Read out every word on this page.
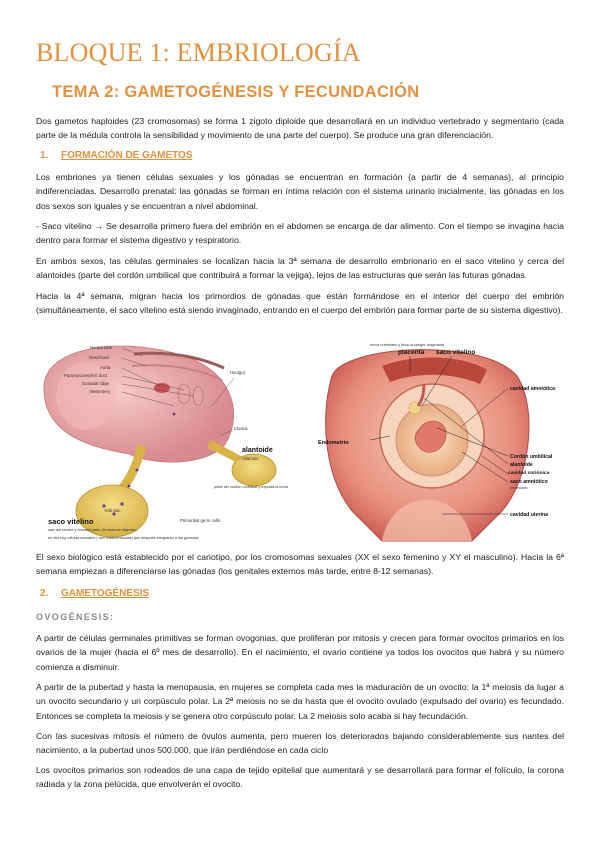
BLOQUE 1: EMBRIOLOGÍA
TEMA 2: GAMETOGÉNESIS Y FECUNDACIÓN

Dos gametos haploides (23 cromosomas) se forma 1 zigoto diploide que desarrollará en un individuo vertebrado y segmentario (cada parte de la médula controla la sensibilidad y movimiento de una parte del cuerpo). Se produce una gran diferenciación.

1. FORMACIÓN DE GAMETOS

Los embriones ya tienen células sexuales y los gónadas se encuentran en formación (a partir de 4 semanas), al principio indiferenciadas. Desarrollo prenatal: las gónadas se forman en íntima relación con el sistema urinario inicialmente, las gónadas en los dos sexos son iguales y se encuentran a nivel abdominal.

- Saco vitelino → Se desarrolla primero fuera del embrión en el abdomen se encarga de dar alimento. Con el tiempo se invagina hacia dentro para formar el sistema digestivo y respiratorio.

En ambos sexos, las células germinales se localizan hacia la 3ª semana de desarrollo embrionario en el saco vitelino y cerca del alantoides (parte del cordón umbilical que contribuirá a formar la vejiga), lejos de las estructuras que serán las futuras gónadas.

Hacia la 4ª semana, migran hacia los primordios de gónadas que están formándose en el interior del cuerpo del embrión (simultáneamente, el saco vitelino está siendo invaginado, entrando en el cuerpo del embrión para formar parte de su sistema digestivo).

Neural tube
Notochord
Aorta
Paramesonephric duct
Gonadal ridge
Mesentery
Hindgut
Cloaca
Allantois
Yolk Sac
Primordial germ cells
alantoide
parte del cordón umbilical y expulsa la orina
saco vitelino
sale del vientre y formará parte del sistema digestivo
en ella hay células sexuales ( aun indiferenciadas) que después emigrarán a las gónadas
envía nutrientes y lleva la sangre oxigenada
placenta saco vitelino
cavidad amniótica
Endometrio
Cordón umbilical
alantoide
cavidad coriónica
saco amniótico
protección
cavidad uterina

El sexo biológico está establecido por el cariotipo, por los cromosomas sexuales (XX el sexo femenino y XY el masculino). Hacia la 6ª semana empiezan a diferenciarse las gónadas (los genitales externos más tarde, entre 8-12 semanas).

2. GAMETOGÉNESIS
OVOGÉNESIS:

A partir de células germinales primitivas se forman ovogonias, que proliferan por mitosis y crecen para formar ovocitos primarios en los ovarios de la mujer (hacia el 6º mes de desarrollo). En el nacimiento, el ovario contiene ya todos los ovocitos que habrá y su número comienza a disminuir.

A partir de la pubertad y hasta la menopausia, en mujeres se completa cada mes la maduración de un ovocito: la 1ª meiosis da lugar a un ovocito secundario y un corpúsculo polar. La 2ª meiosis no se da hasta que el ovocito ovulado (expulsado del ovario) es fecundado. Entonces se completa la meiosis y se genera otro corpúsculo polar. La 2 meiosis solo acaba si hay fecundación.

Con las sucesivas mitosis el número de óvulos aumenta, pero mueren los deteriorados bajando considerablemente sus nantes del nacimiento, a la pubertad unos 500.000, que irán perdiéndose en cada ciclo

Los ovocitos primarios son rodeados de una capa de tejido epitelial que aumentará y se desarrollará para formar el folículo, la corona radiada y la zona pelúcida, que envolverán el ovocito.
